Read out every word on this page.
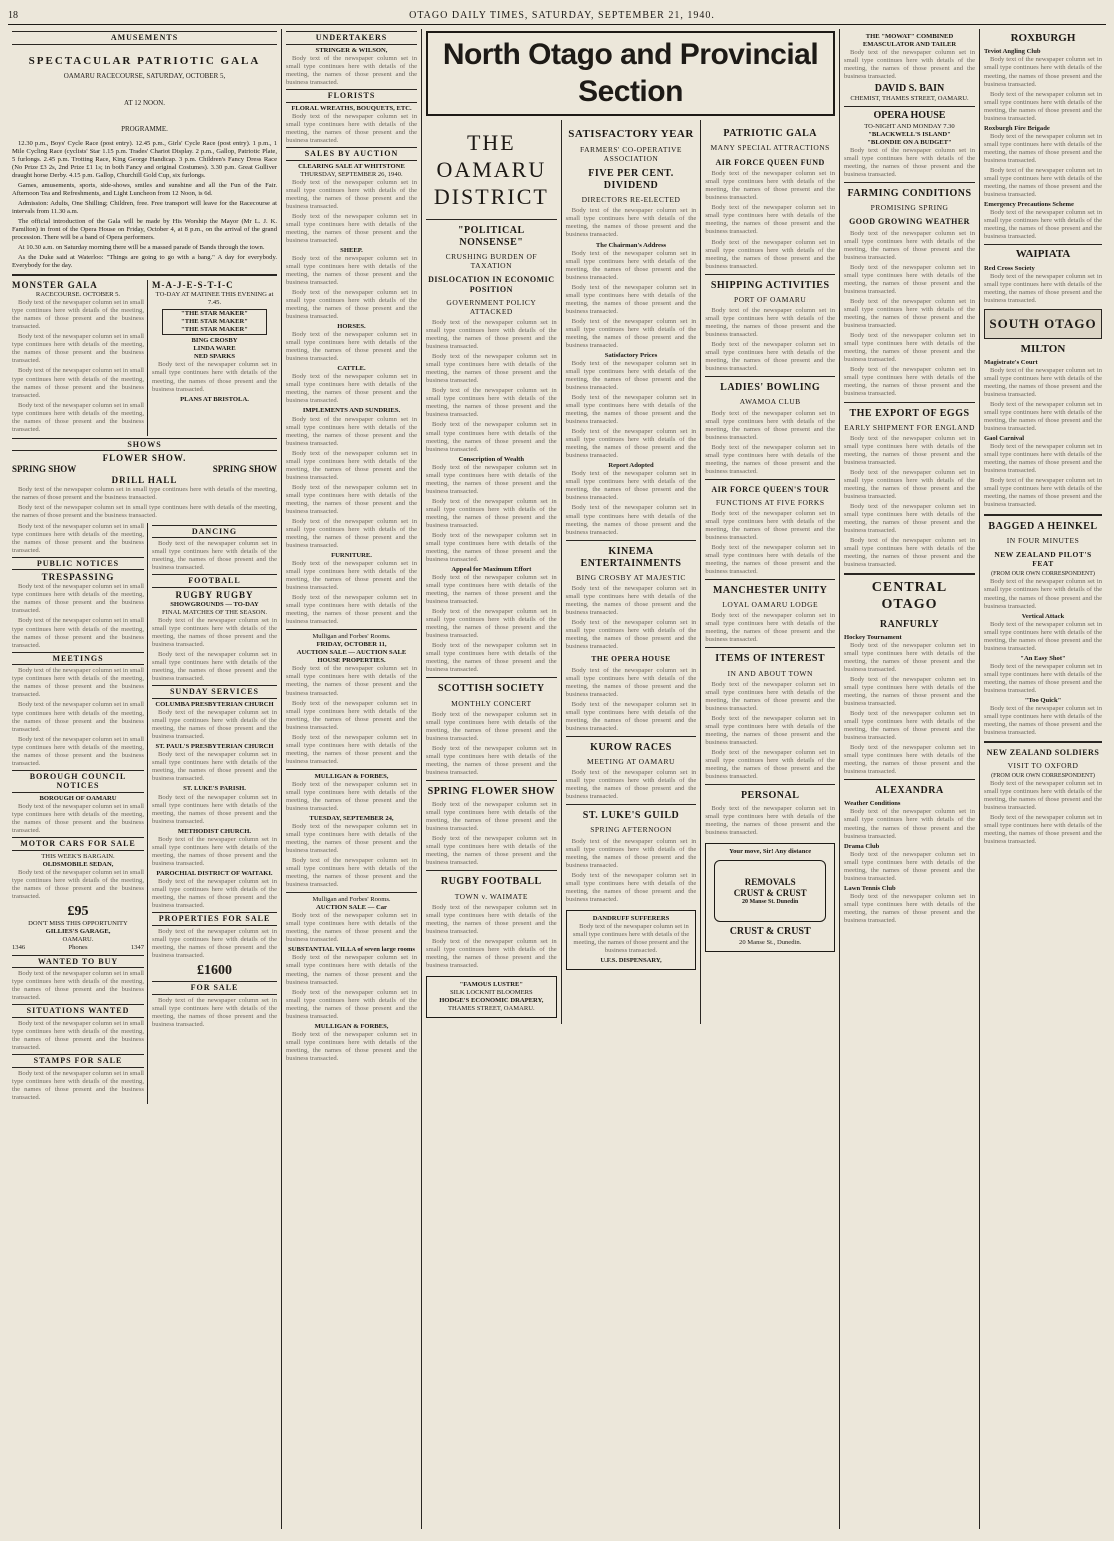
18	OTAGO DAILY TIMES, SATURDAY, SEPTEMBER 21, 1940.
AMUSEMENTS
SPECTACULAR PATRIOTIC GALA
OAMARU RACECOURSE, SATURDAY, OCTOBER 5,
AT 12 NOON.
PROGRAMME.

12.30 p.m., Boys' Cycle Race (post entry). 12.45 p.m., Girls' Cycle Race (post entry). 1 p.m., 1 Mile Cycling Race (cyclists' Star 1.15 p.m. Trades' Chariot Display. 2 p.m., Gallop, Patriotic Plate, 5 furlongs. 2.45 p.m. Trotting Race, King George Handicap. 3 p.m. Children's Fancy Dress Race (No Prize £3 2s, 2nd Prize £1 1s; in both Fancy and original Costumes). 3.30 p.m. Great Gulliver draught horse Derby. 4.15 p.m. Gallop, Churchill Gold Cup, six furlongs.

Games, amusements, sports, side-shows, smiles and sunshine and all the Fun of the Fair. Afternoon Tea and Refreshments, and Light Luncheon from 12 Noon, is 6d.

Admission: Adults, One Shilling; Children, free. Free transport will leave for the Racecourse at intervals from 11.30 a.m.

The official introduction of the Gala will be made by His Worship the Mayor (Mr L. J. K. Familton) in front of the Opera House on Friday, October 4, at 8 p.m., on the arrival of the grand procession. There will be a band of Opera performers.

At 10.30 a.m. on Saturday morning there will be a massed parade of Bands through the town.

As the Duke said at Waterloo: "Things are going to go with a bang." A day for everybody. Everybody for the day.

MONSTER GALA
RACECOURSE. OCTOBER 5.

Body text of the newspaper column set in small type continues here with details of the meeting, the names of those present and the business transacted.

Body text of the newspaper column set in small type continues here with details of the meeting, the names of those present and the business transacted.

Body text of the newspaper column set in small type continues here with details of the meeting, the names of those present and the business transacted.

Body text of the newspaper column set in small type continues here with details of the meeting, the names of those present and the business transacted.

M-A-J-E-S-T-I-C
TO-DAY AT MATINEE THIS EVENING at 7.45.
"THE STAR MAKER"
"THE STAR MAKER"
"THE STAR MAKER"
BING CROSBY
LINDA WARE
NED SPARKS

Body text of the newspaper column set in small type continues here with details of the meeting, the names of those present and the business transacted.

PLANS AT BRISTOLA.
SHOWS
FLOWER SHOW.
SPRING SHOW	SPRING SHOW
DRILL HALL

Body text of the newspaper column set in small type continues here with details of the meeting, the names of those present and the business transacted.

Body text of the newspaper column set in small type continues here with details of the meeting, the names of those present and the business transacted.

Body text of the newspaper column set in small type continues here with details of the meeting, the names of those present and the business transacted.

PUBLIC NOTICES
TRESPASSING

Body text of the newspaper column set in small type continues here with details of the meeting, the names of those present and the business transacted.

Body text of the newspaper column set in small type continues here with details of the meeting, the names of those present and the business transacted.

MEETINGS

Body text of the newspaper column set in small type continues here with details of the meeting, the names of those present and the business transacted.

Body text of the newspaper column set in small type continues here with details of the meeting, the names of those present and the business transacted.

Body text of the newspaper column set in small type continues here with details of the meeting, the names of those present and the business transacted.

BOROUGH COUNCIL NOTICES
BOROUGH OF OAMARU

Body text of the newspaper column set in small type continues here with details of the meeting, the names of those present and the business transacted.

MOTOR CARS FOR SALE
THIS WEEK'S BARGAIN.
OLDSMOBILE SEDAN,

Body text of the newspaper column set in small type continues here with details of the meeting, the names of those present and the business transacted.

£95
DON'T MISS THIS OPPORTUNITY
GILLIES'S GARAGE,
OAMARU.
1346	Phones	1347
WANTED TO BUY

Body text of the newspaper column set in small type continues here with details of the meeting, the names of those present and the business transacted.

SITUATIONS WANTED

Body text of the newspaper column set in small type continues here with details of the meeting, the names of those present and the business transacted.

STAMPS FOR SALE

Body text of the newspaper column set in small type continues here with details of the meeting, the names of those present and the business transacted.

DANCING

Body text of the newspaper column set in small type continues here with details of the meeting, the names of those present and the business transacted.

FOOTBALL
RUGBY RUGBY
SHOWGROUNDS — TO-DAY
FINAL MATCHES OF THE SEASON.

Body text of the newspaper column set in small type continues here with details of the meeting, the names of those present and the business transacted.

Body text of the newspaper column set in small type continues here with details of the meeting, the names of those present and the business transacted.

SUNDAY SERVICES
COLUMBA PRESBYTERIAN CHURCH

Body text of the newspaper column set in small type continues here with details of the meeting, the names of those present and the business transacted.

ST. PAUL'S PRESBYTERIAN CHURCH

Body text of the newspaper column set in small type continues here with details of the meeting, the names of those present and the business transacted.

ST. LUKE'S PARISH.

Body text of the newspaper column set in small type continues here with details of the meeting, the names of those present and the business transacted.

METHODIST CHURCH.

Body text of the newspaper column set in small type continues here with details of the meeting, the names of those present and the business transacted.

PAROCHIAL DISTRICT OF WAITAKI.

Body text of the newspaper column set in small type continues here with details of the meeting, the names of those present and the business transacted.

PROPERTIES FOR SALE

Body text of the newspaper column set in small type continues here with details of the meeting, the names of those present and the business transacted.

£1600
FOR SALE

Body text of the newspaper column set in small type continues here with details of the meeting, the names of those present and the business transacted.

UNDERTAKERS
STRINGER & WILSON,

Body text of the newspaper column set in small type continues here with details of the meeting, the names of those present and the business transacted.

FLORISTS
FLORAL WREATHS, BOUQUETS, ETC.

Body text of the newspaper column set in small type continues here with details of the meeting, the names of those present and the business transacted.

SALES BY AUCTION
CLEARING SALE AT WHITSTONE
THURSDAY, SEPTEMBER 26, 1940.

Body text of the newspaper column set in small type continues here with details of the meeting, the names of those present and the business transacted.

Body text of the newspaper column set in small type continues here with details of the meeting, the names of those present and the business transacted.

SHEEP.

Body text of the newspaper column set in small type continues here with details of the meeting, the names of those present and the business transacted.

Body text of the newspaper column set in small type continues here with details of the meeting, the names of those present and the business transacted.

HORSES.

Body text of the newspaper column set in small type continues here with details of the meeting, the names of those present and the business transacted.

CATTLE.

Body text of the newspaper column set in small type continues here with details of the meeting, the names of those present and the business transacted.

IMPLEMENTS AND SUNDRIES.

Body text of the newspaper column set in small type continues here with details of the meeting, the names of those present and the business transacted.

Body text of the newspaper column set in small type continues here with details of the meeting, the names of those present and the business transacted.

Body text of the newspaper column set in small type continues here with details of the meeting, the names of those present and the business transacted.

Body text of the newspaper column set in small type continues here with details of the meeting, the names of those present and the business transacted.

FURNITURE.

Body text of the newspaper column set in small type continues here with details of the meeting, the names of those present and the business transacted.

Body text of the newspaper column set in small type continues here with details of the meeting, the names of those present and the business transacted.

Mulligan and Forbes' Rooms.
FRIDAY, OCTOBER 11,
AUCTION SALE — AUCTION SALE HOUSE PROPERTIES.

Body text of the newspaper column set in small type continues here with details of the meeting, the names of those present and the business transacted.

Body text of the newspaper column set in small type continues here with details of the meeting, the names of those present and the business transacted.

Body text of the newspaper column set in small type continues here with details of the meeting, the names of those present and the business transacted.

MULLIGAN & FORBES,

Body text of the newspaper column set in small type continues here with details of the meeting, the names of those present and the business transacted.

TUESDAY, SEPTEMBER 24,

Body text of the newspaper column set in small type continues here with details of the meeting, the names of those present and the business transacted.

Body text of the newspaper column set in small type continues here with details of the meeting, the names of those present and the business transacted.

Mulligan and Forbes' Rooms.
AUCTION SALE — Car

Body text of the newspaper column set in small type continues here with details of the meeting, the names of those present and the business transacted.

SUBSTANTIAL VILLA of seven large rooms

Body text of the newspaper column set in small type continues here with details of the meeting, the names of those present and the business transacted.

Body text of the newspaper column set in small type continues here with details of the meeting, the names of those present and the business transacted.

MULLIGAN & FORBES,

Body text of the newspaper column set in small type continues here with details of the meeting, the names of those present and the business transacted.

North Otago and Provincial Section
THE OAMARU DISTRICT
"POLITICAL NONSENSE"
CRUSHING BURDEN OF TAXATION
DISLOCATION IN ECONOMIC POSITION
GOVERNMENT POLICY ATTACKED

Body text of the newspaper column set in small type continues here with details of the meeting, the names of those present and the business transacted.

Body text of the newspaper column set in small type continues here with details of the meeting, the names of those present and the business transacted.

Body text of the newspaper column set in small type continues here with details of the meeting, the names of those present and the business transacted.

Body text of the newspaper column set in small type continues here with details of the meeting, the names of those present and the business transacted.

Conscription of Wealth

Body text of the newspaper column set in small type continues here with details of the meeting, the names of those present and the business transacted.

Body text of the newspaper column set in small type continues here with details of the meeting, the names of those present and the business transacted.

Body text of the newspaper column set in small type continues here with details of the meeting, the names of those present and the business transacted.

Appeal for Maximum Effort

Body text of the newspaper column set in small type continues here with details of the meeting, the names of those present and the business transacted.

Body text of the newspaper column set in small type continues here with details of the meeting, the names of those present and the business transacted.

Body text of the newspaper column set in small type continues here with details of the meeting, the names of those present and the business transacted.

SCOTTISH SOCIETY
MONTHLY CONCERT

Body text of the newspaper column set in small type continues here with details of the meeting, the names of those present and the business transacted.

Body text of the newspaper column set in small type continues here with details of the meeting, the names of those present and the business transacted.

SPRING FLOWER SHOW

Body text of the newspaper column set in small type continues here with details of the meeting, the names of those present and the business transacted.

Body text of the newspaper column set in small type continues here with details of the meeting, the names of those present and the business transacted.

RUGBY FOOTBALL
TOWN v. WAIMATE

Body text of the newspaper column set in small type continues here with details of the meeting, the names of those present and the business transacted.

Body text of the newspaper column set in small type continues here with details of the meeting, the names of those present and the business transacted.

"FAMOUS LUSTRE"
SILK LOCKNIT BLOOMERS
HODGE'S ECONOMIC DRAPERY,
THAMES STREET, OAMARU.
SATISFACTORY YEAR
FARMERS' CO-OPERATIVE ASSOCIATION
FIVE PER CENT. DIVIDEND
DIRECTORS RE-ELECTED

Body text of the newspaper column set in small type continues here with details of the meeting, the names of those present and the business transacted.

The Chairman's Address

Body text of the newspaper column set in small type continues here with details of the meeting, the names of those present and the business transacted.

Body text of the newspaper column set in small type continues here with details of the meeting, the names of those present and the business transacted.

Body text of the newspaper column set in small type continues here with details of the meeting, the names of those present and the business transacted.

Satisfactory Prices

Body text of the newspaper column set in small type continues here with details of the meeting, the names of those present and the business transacted.

Body text of the newspaper column set in small type continues here with details of the meeting, the names of those present and the business transacted.

Body text of the newspaper column set in small type continues here with details of the meeting, the names of those present and the business transacted.

Report Adopted

Body text of the newspaper column set in small type continues here with details of the meeting, the names of those present and the business transacted.

Body text of the newspaper column set in small type continues here with details of the meeting, the names of those present and the business transacted.

KINEMA ENTERTAINMENTS
BING CROSBY AT MAJESTIC

Body text of the newspaper column set in small type continues here with details of the meeting, the names of those present and the business transacted.

Body text of the newspaper column set in small type continues here with details of the meeting, the names of those present and the business transacted.

THE OPERA HOUSE

Body text of the newspaper column set in small type continues here with details of the meeting, the names of those present and the business transacted.

Body text of the newspaper column set in small type continues here with details of the meeting, the names of those present and the business transacted.

KUROW RACES
MEETING AT OAMARU

Body text of the newspaper column set in small type continues here with details of the meeting, the names of those present and the business transacted.

ST. LUKE'S GUILD
SPRING AFTERNOON

Body text of the newspaper column set in small type continues here with details of the meeting, the names of those present and the business transacted.

Body text of the newspaper column set in small type continues here with details of the meeting, the names of those present and the business transacted.

DANDRUFF SUFFERERS

Body text of the newspaper column set in small type continues here with details of the meeting, the names of those present and the business transacted.

U.F.S. DISPENSARY,
PATRIOTIC GALA
MANY SPECIAL ATTRACTIONS
AIR FORCE QUEEN FUND

Body text of the newspaper column set in small type continues here with details of the meeting, the names of those present and the business transacted.

Body text of the newspaper column set in small type continues here with details of the meeting, the names of those present and the business transacted.

Body text of the newspaper column set in small type continues here with details of the meeting, the names of those present and the business transacted.

SHIPPING ACTIVITIES
PORT OF OAMARU

Body text of the newspaper column set in small type continues here with details of the meeting, the names of those present and the business transacted.

Body text of the newspaper column set in small type continues here with details of the meeting, the names of those present and the business transacted.

LADIES' BOWLING
AWAMOA CLUB

Body text of the newspaper column set in small type continues here with details of the meeting, the names of those present and the business transacted.

Body text of the newspaper column set in small type continues here with details of the meeting, the names of those present and the business transacted.

AIR FORCE QUEEN'S TOUR
FUNCTIONS AT FIVE FORKS

Body text of the newspaper column set in small type continues here with details of the meeting, the names of those present and the business transacted.

Body text of the newspaper column set in small type continues here with details of the meeting, the names of those present and the business transacted.

MANCHESTER UNITY
LOYAL OAMARU LODGE

Body text of the newspaper column set in small type continues here with details of the meeting, the names of those present and the business transacted.

ITEMS OF INTEREST
IN AND ABOUT TOWN

Body text of the newspaper column set in small type continues here with details of the meeting, the names of those present and the business transacted.

Body text of the newspaper column set in small type continues here with details of the meeting, the names of those present and the business transacted.

Body text of the newspaper column set in small type continues here with details of the meeting, the names of those present and the business transacted.

PERSONAL

Body text of the newspaper column set in small type continues here with details of the meeting, the names of those present and the business transacted.

Your move, Sir! Any distance
REMOVALS
CRUST & CRUST
20 Manse St. Dunedin
CRUST & CRUST
20 Manse St., Dunedin.
THE "MOWAT" COMBINED EMASCULATOR AND TAILER

Body text of the newspaper column set in small type continues here with details of the meeting, the names of those present and the business transacted.

DAVID S. BAIN
CHEMIST, THAMES STREET, OAMARU.
OPERA HOUSE
TO-NIGHT AND MONDAY 7.30
"BLACKWELL'S ISLAND"
"BLONDIE ON A BUDGET"

Body text of the newspaper column set in small type continues here with details of the meeting, the names of those present and the business transacted.

FARMING CONDITIONS
PROMISING SPRING
GOOD GROWING WEATHER

Body text of the newspaper column set in small type continues here with details of the meeting, the names of those present and the business transacted.

Body text of the newspaper column set in small type continues here with details of the meeting, the names of those present and the business transacted.

Body text of the newspaper column set in small type continues here with details of the meeting, the names of those present and the business transacted.

Body text of the newspaper column set in small type continues here with details of the meeting, the names of those present and the business transacted.

Body text of the newspaper column set in small type continues here with details of the meeting, the names of those present and the business transacted.

THE EXPORT OF EGGS
EARLY SHIPMENT FOR ENGLAND

Body text of the newspaper column set in small type continues here with details of the meeting, the names of those present and the business transacted.

Body text of the newspaper column set in small type continues here with details of the meeting, the names of those present and the business transacted.

Body text of the newspaper column set in small type continues here with details of the meeting, the names of those present and the business transacted.

Body text of the newspaper column set in small type continues here with details of the meeting, the names of those present and the business transacted.

CENTRAL OTAGO
RANFURLY
Hockey Tournament

Body text of the newspaper column set in small type continues here with details of the meeting, the names of those present and the business transacted.

Body text of the newspaper column set in small type continues here with details of the meeting, the names of those present and the business transacted.

Body text of the newspaper column set in small type continues here with details of the meeting, the names of those present and the business transacted.

Body text of the newspaper column set in small type continues here with details of the meeting, the names of those present and the business transacted.

ALEXANDRA
Weather Conditions

Body text of the newspaper column set in small type continues here with details of the meeting, the names of those present and the business transacted.

Drama Club

Body text of the newspaper column set in small type continues here with details of the meeting, the names of those present and the business transacted.

Lawn Tennis Club

Body text of the newspaper column set in small type continues here with details of the meeting, the names of those present and the business transacted.

ROXBURGH
Teviot Angling Club

Body text of the newspaper column set in small type continues here with details of the meeting, the names of those present and the business transacted.

Body text of the newspaper column set in small type continues here with details of the meeting, the names of those present and the business transacted.

Roxburgh Fire Brigade

Body text of the newspaper column set in small type continues here with details of the meeting, the names of those present and the business transacted.

Body text of the newspaper column set in small type continues here with details of the meeting, the names of those present and the business transacted.

Emergency Precautions Scheme

Body text of the newspaper column set in small type continues here with details of the meeting, the names of those present and the business transacted.

WAIPIATA
Red Cross Society

Body text of the newspaper column set in small type continues here with details of the meeting, the names of those present and the business transacted.

SOUTH OTAGO
MILTON
Magistrate's Court

Body text of the newspaper column set in small type continues here with details of the meeting, the names of those present and the business transacted.

Body text of the newspaper column set in small type continues here with details of the meeting, the names of those present and the business transacted.

Gaol Carnival

Body text of the newspaper column set in small type continues here with details of the meeting, the names of those present and the business transacted.

Body text of the newspaper column set in small type continues here with details of the meeting, the names of those present and the business transacted.

BAGGED A HEINKEL
IN FOUR MINUTES
NEW ZEALAND PILOT'S FEAT
(FROM OUR OWN CORRESPONDENT)

Body text of the newspaper column set in small type continues here with details of the meeting, the names of those present and the business transacted.

Vertical Attack

Body text of the newspaper column set in small type continues here with details of the meeting, the names of those present and the business transacted.

"An Easy Shot"

Body text of the newspaper column set in small type continues here with details of the meeting, the names of those present and the business transacted.

"Too Quick"

Body text of the newspaper column set in small type continues here with details of the meeting, the names of those present and the business transacted.

NEW ZEALAND SOLDIERS
VISIT TO OXFORD
(FROM OUR OWN CORRESPONDENT)

Body text of the newspaper column set in small type continues here with details of the meeting, the names of those present and the business transacted.

Body text of the newspaper column set in small type continues here with details of the meeting, the names of those present and the business transacted.
